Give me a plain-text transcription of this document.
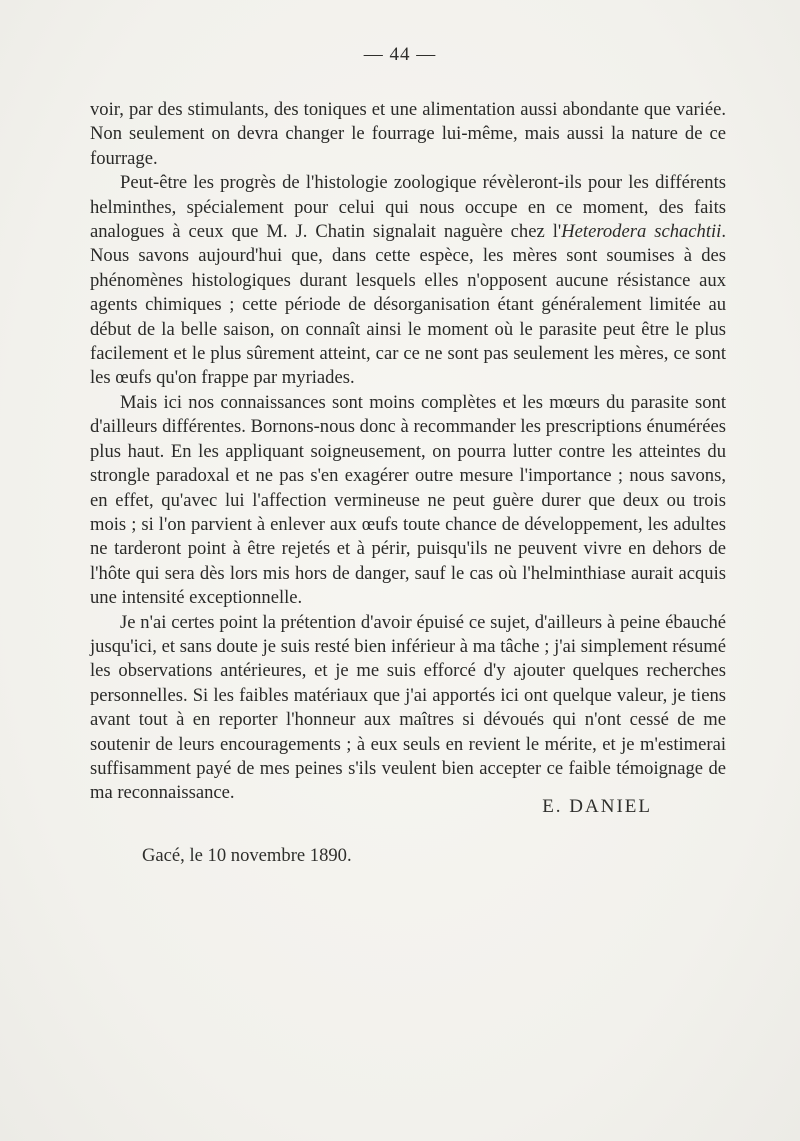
— 44 —

voir, par des stimulants, des toniques et une alimentation aussi abondante que variée. Non seulement on devra changer le fourrage lui-même, mais aussi la nature de ce fourrage.

Peut-être les progrès de l'histologie zoologique révèleront-ils pour les différents helminthes, spécialement pour celui qui nous occupe en ce moment, des faits analogues à ceux que M. J. Chatin signalait naguère chez l'Heterodera schachtii. Nous savons aujourd'hui que, dans cette espèce, les mères sont soumises à des phénomènes histologiques durant lesquels elles n'opposent aucune résistance aux agents chimiques ; cette période de désorganisation étant généralement limitée au début de la belle saison, on connaît ainsi le moment où le parasite peut être le plus facilement et le plus sûrement atteint, car ce ne sont pas seulement les mères, ce sont les œufs qu'on frappe par myriades.

Mais ici nos connaissances sont moins complètes et les mœurs du parasite sont d'ailleurs différentes. Bornons-nous donc à recommander les prescriptions énumérées plus haut. En les appliquant soigneusement, on pourra lutter contre les atteintes du strongle paradoxal et ne pas s'en exagérer outre mesure l'importance ; nous savons, en effet, qu'avec lui l'affection vermineuse ne peut guère durer que deux ou trois mois ; si l'on parvient à enlever aux œufs toute chance de développement, les adultes ne tarderont point à être rejetés et à périr, puisqu'ils ne peuvent vivre en dehors de l'hôte qui sera dès lors mis hors de danger, sauf le cas où l'helminthiase aurait acquis une intensité exceptionnelle.

Je n'ai certes point la prétention d'avoir épuisé ce sujet, d'ailleurs à peine ébauché jusqu'ici, et sans doute je suis resté bien inférieur à ma tâche ; j'ai simplement résumé les observations antérieures, et je me suis efforcé d'y ajouter quelques recherches personnelles. Si les faibles matériaux que j'ai apportés ici ont quelque valeur, je tiens avant tout à en reporter l'honneur aux maîtres si dévoués qui n'ont cessé de me soutenir de leurs encouragements ; à eux seuls en revient le mérite, et je m'estimerai suffisamment payé de mes peines s'ils veulent bien accepter ce faible témoignage de ma reconnaissance.

E. DANIEL
Gacé, le 10 novembre 1890.
